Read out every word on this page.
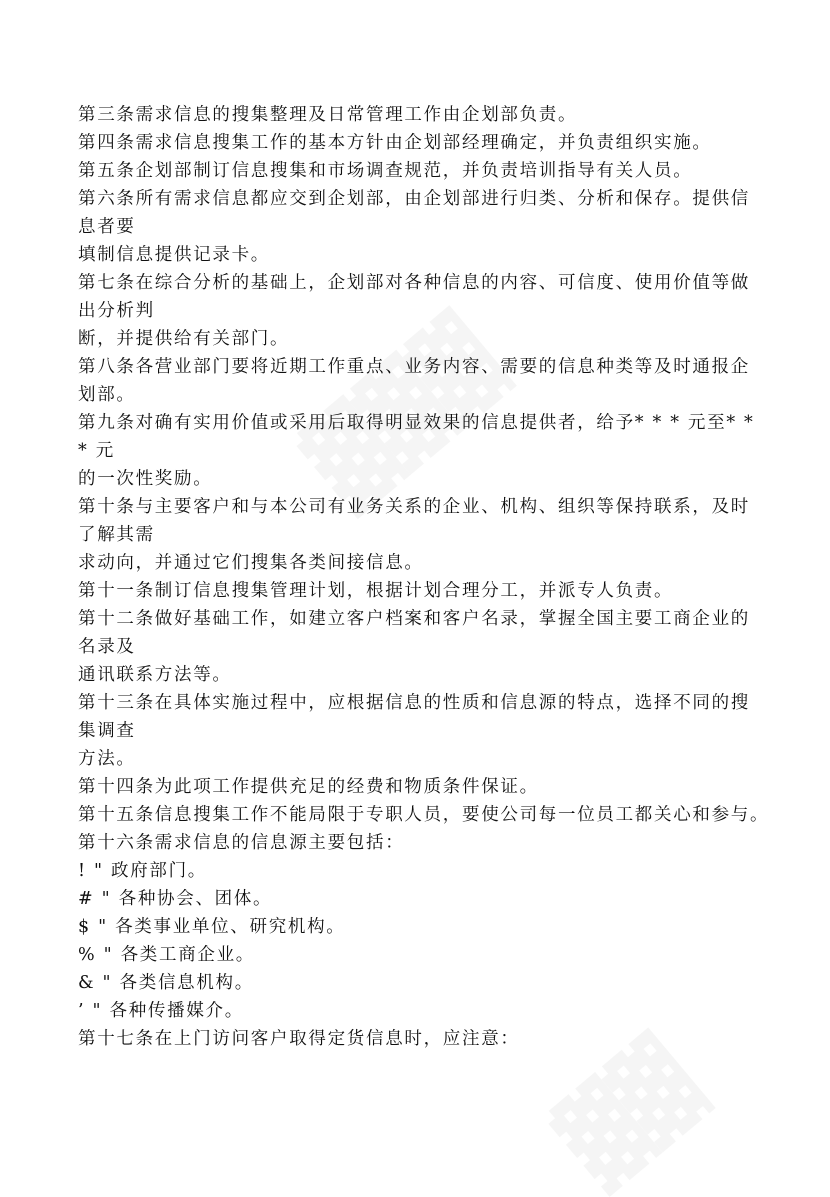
第三条需求信息的搜集整理及日常管理工作由企划部负责。
第四条需求信息搜集工作的基本方针由企划部经理确定，并负责组织实施。
第五条企划部制订信息搜集和市场调查规范，并负责培训指导有关人员。
第六条所有需求信息都应交到企划部，由企划部进行归类、分析和保存。提供信
息者要
填制信息提供记录卡。
第七条在综合分析的基础上，企划部对各种信息的内容、可信度、使用价值等做
出分析判
断，并提供给有关部门。
第八条各营业部门要将近期工作重点、业务内容、需要的信息种类等及时通报企
划部。
第九条对确有实用价值或采用后取得明显效果的信息提供者，给予* * * 元至* *
* 元
的一次性奖励。
第十条与主要客户和与本公司有业务关系的企业、机构、组织等保持联系，及时
了解其需
求动向，并通过它们搜集各类间接信息。
第十一条制订信息搜集管理计划，根据计划合理分工，并派专人负责。
第十二条做好基础工作，如建立客户档案和客户名录，掌握全国主要工商企业的
名录及
通讯联系方法等。
第十三条在具体实施过程中，应根据信息的性质和信息源的特点，选择不同的搜
集调查
方法。
第十四条为此项工作提供充足的经费和物质条件保证。
第十五条信息搜集工作不能局限于专职人员，要使公司每一位员工都关心和参与。
第十六条需求信息的信息源主要包括：
! " 政府部门。
# " 各种协会、团体。
$ " 各类事业单位、研究机构。
% " 各类工商企业。
& " 各类信息机构。
’ " 各种传播媒介。
第十七条在上门访问客户取得定货信息时，应注意：
